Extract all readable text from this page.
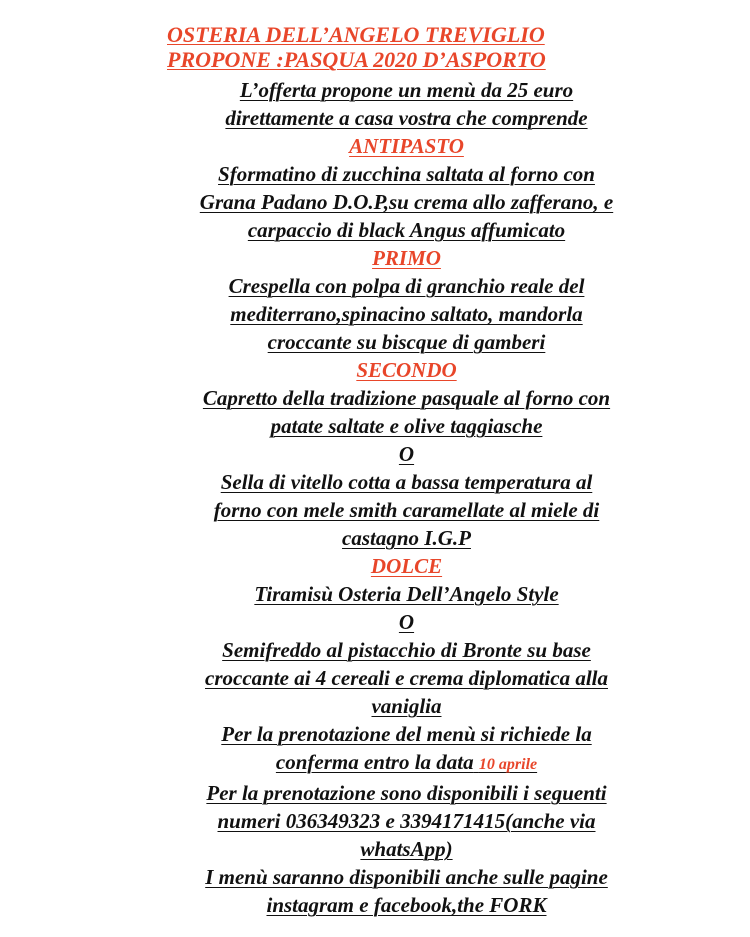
OSTERIA DELL’ANGELO TREVIGLIO
PROPONE :PASQUA 2020 D’ASPORTO
L’offerta propone un menù da 25 euro
direttamente a casa vostra che comprende
ANTIPASTO
Sformatino di zucchina saltata al forno con
Grana Padano D.O.P,su crema allo zafferano, e
carpaccio di black Angus affumicato
PRIMO
Crespella con polpa di granchio reale del
mediterrano,spinacino saltato, mandorla
croccante su biscque di gamberi
SECONDO
Capretto della tradizione pasquale al forno con
patate saltate e olive taggiasche
O
Sella di vitello cotta a bassa temperatura al
forno con mele smith caramellate al miele di
castagno I.G.P
DOLCE
Tiramisù Osteria Dell’Angelo Style
O
Semifreddo al pistacchio di Bronte su base
croccante ai 4 cereali e crema diplomatica alla
vaniglia
Per la prenotazione del menù si richiede la
conferma entro la data 10 aprile
Per la prenotazione sono disponibili i seguenti
numeri 036349323 e 3394171415(anche via
whatsApp)
I menù saranno disponibili anche sulle pagine
instagram e facebook,the FORK
